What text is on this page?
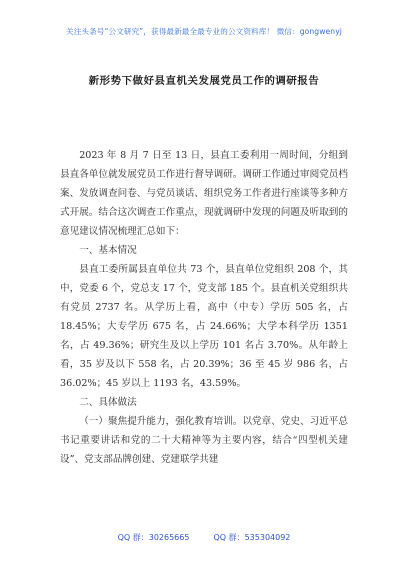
关注头条号“公文研究”，获得最新最全最专业的公文资料库！ 微信：gongwenyj
新形势下做好县直机关发展党员工作的调研报告

2023 年 8 月 7 日至 13 日，县直工委利用一周时间，分组到县直各单位就发展党员工作进行督导调研。调研工作通过审阅党员档案、发放调查问卷、与党员谈话、组织党务工作者进行座谈等多种方式开展。结合这次调查工作重点，现就调研中发现的问题及听取到的意见建议情况梳理汇总如下：

一、基本情况

县直工委所属县直单位共 73 个，县直单位党组织 208 个，其中，党委 6 个，党总支 17 个，党支部 185 个。县直机关党组织共有党员 2737 名。从学历上看，高中（中专）学历 505 名，占 18.45%；大专学历 675 名，占 24.66%；大学本科学历 1351 名，占 49.36%；研究生及以上学历 101 名占 3.70%。从年龄上看，35 岁及以下 558 名，占 20.39%；36 至 45 岁 986 名，占 36.02%；45 岁以上 1193 名，43.59%。

二、具体做法

（一）聚焦提升能力，强化教育培训。以党章、党史、习近平总书记重要讲话和党的二十大精神等为主要内容，结合“四型机关建设”、党支部品牌创建、党建联学共建

QQ 群：30265665	QQ 群：535304092
